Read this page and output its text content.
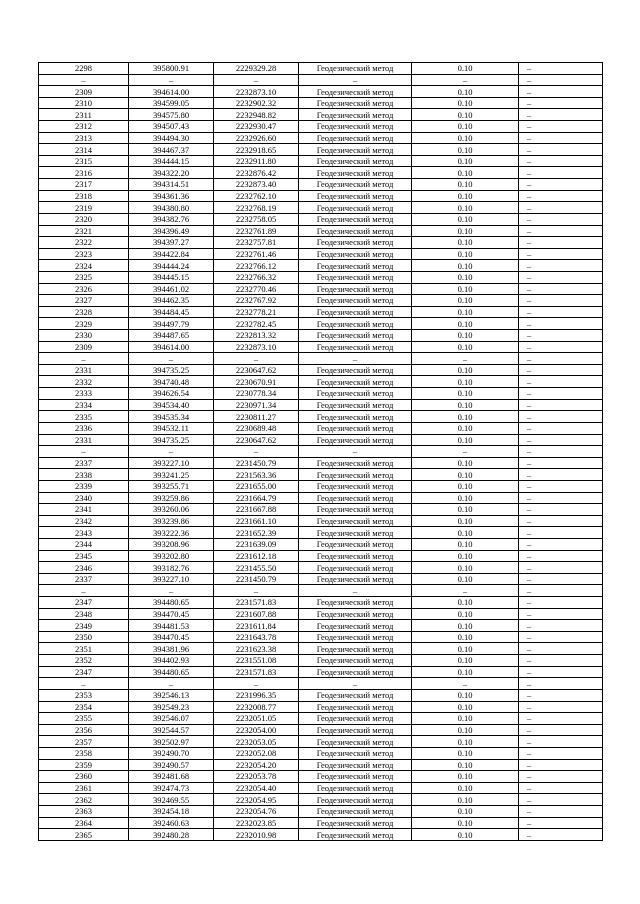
2298	395800.91	2229329.28	Геодезический метод	0.10	–
–	–	–	–	–	–
2309	394614.00	2232873.10	Геодезический метод	0.10	–
2310	394599.05	2232902.32	Геодезический метод	0.10	–
2311	394575.80	2232948.82	Геодезический метод	0.10	–
2312	394507.43	2232930.47	Геодезический метод	0.10	–
2313	394494.30	2232926.60	Геодезический метод	0.10	–
2314	394467.37	2232918.65	Геодезический метод	0.10	–
2315	394444.15	2232911.80	Геодезический метод	0.10	–
2316	394322.20	2232876.42	Геодезический метод	0.10	–
2317	394314.51	2232873.40	Геодезический метод	0.10	–
2318	394361.36	2232762.10	Геодезический метод	0.10	–
2319	394380.80	2232768.19	Геодезический метод	0.10	–
2320	394382.76	2232758.05	Геодезический метод	0.10	–
2321	394396.49	2232761.89	Геодезический метод	0.10	–
2322	394397.27	2232757.81	Геодезический метод	0.10	–
2323	394422.84	2232761.46	Геодезический метод	0.10	–
2324	394444.24	2232766.12	Геодезический метод	0.10	–
2325	394445.15	2232766.32	Геодезический метод	0.10	–
2326	394461.02	2232770.46	Геодезический метод	0.10	–
2327	394462.35	2232767.92	Геодезический метод	0.10	–
2328	394484.45	2232778.21	Геодезический метод	0.10	–
2329	394497.79	2232782.45	Геодезический метод	0.10	–
2330	394487.65	2232813.32	Геодезический метод	0.10	–
2309	394614.00	2232873.10	Геодезический метод	0.10	–
–	–	–	–	–	–
2331	394735.25	2230647.62	Геодезический метод	0.10	–
2332	394740.48	2230670.91	Геодезический метод	0.10	–
2333	394626.54	2230778.34	Геодезический метод	0.10	–
2334	394534.40	2230971.34	Геодезический метод	0.10	–
2335	394535.34	2230811.27	Геодезический метод	0.10	–
2336	394532.11	2230689.48	Геодезический метод	0.10	–
2331	394735.25	2230647.62	Геодезический метод	0.10	–
–	–	–	–	–	–
2337	393227.10	2231450.79	Геодезический метод	0.10	–
2338	393241.25	2231563.36	Геодезический метод	0.10	–
2339	393255.71	2231655.00	Геодезический метод	0.10	–
2340	393259.86	2231664.79	Геодезический метод	0.10	–
2341	393260.06	2231667.88	Геодезический метод	0.10	–
2342	393239.86	2231661.10	Геодезический метод	0.10	–
2343	393222.36	2231652.39	Геодезический метод	0.10	–
2344	393208.96	2231639.09	Геодезический метод	0.10	–
2345	393202.80	2231612.18	Геодезический метод	0.10	–
2346	393182.76	2231455.50	Геодезический метод	0.10	–
2337	393227.10	2231450.79	Геодезический метод	0.10	–
–	–	–	–	–	–
2347	394480.65	2231571.83	Геодезический метод	0.10	–
2348	394470.45	2231607.88	Геодезический метод	0.10	–
2349	394481.53	2231611.84	Геодезический метод	0.10	–
2350	394470.45	2231643.78	Геодезический метод	0.10	–
2351	394381.96	2231623.38	Геодезический метод	0.10	–
2352	394402.93	2231551.08	Геодезический метод	0.10	–
2347	394480.65	2231571.83	Геодезический метод	0.10	–
–	–	–	–	–	–
2353	392546.13	2231996.35	Геодезический метод	0.10	–
2354	392549.23	2232008.77	Геодезический метод	0.10	–
2355	392546.07	2232051.05	Геодезический метод	0.10	–
2356	392544.57	2232054.00	Геодезический метод	0.10	–
2357	392502.97	2232053.05	Геодезический метод	0.10	–
2358	392490.70	2232052.08	Геодезический метод	0.10	–
2359	392490.57	2232054.20	Геодезический метод	0.10	–
2360	392481.68	2232053.78	Геодезический метод	0.10	–
2361	392474.73	2232054.40	Геодезический метод	0.10	–
2362	392469.55	2232054.95	Геодезический метод	0.10	–
2363	392454.18	2232054.76	Геодезический метод	0.10	–
2364	392460.63	2232023.85	Геодезический метод	0.10	–
2365	392480.28	2232010.98	Геодезический метод	0.10	–
